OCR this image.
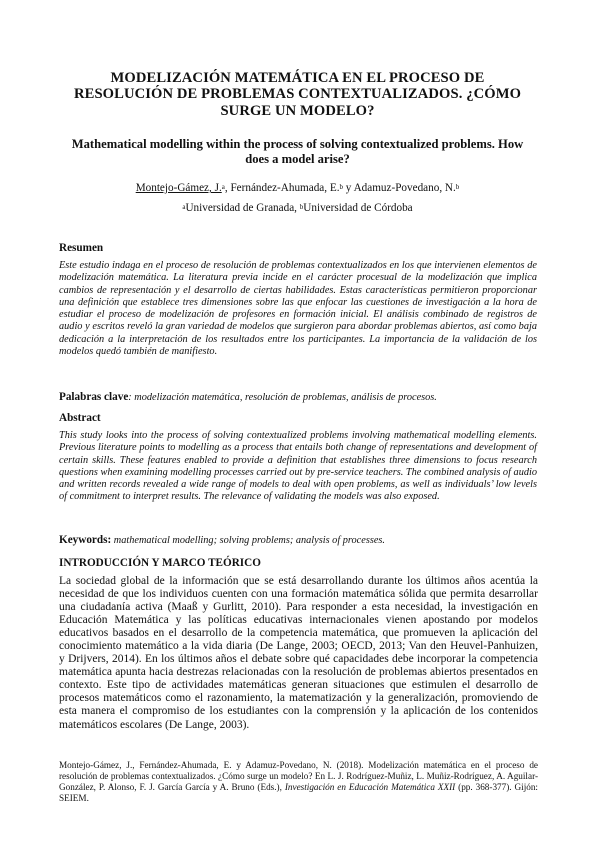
MODELIZACIÓN MATEMÁTICA EN EL PROCESO DE RESOLUCIÓN DE PROBLEMAS CONTEXTUALIZADOS. ¿CÓMO SURGE UN MODELO?
Mathematical modelling within the process of solving contextualized problems. How does a model arise?
Montejo-Gámez, J.$^a$, Fernández-Ahumada, E.$^b$ y Adamuz-Povedano, N.$^b$
$^a$Universidad de Granada, $^b$Universidad de Córdoba
Resumen
Este estudio indaga en el proceso de resolución de problemas contextualizados en los que intervienen elementos de modelización matemática. La literatura previa incide en el carácter procesual de la modelización que implica cambios de representación y el desarrollo de ciertas habilidades. Estas características permitieron proporcionar una definición que establece tres dimensiones sobre las que enfocar las cuestiones de investigación a la hora de estudiar el proceso de modelización de profesores en formación inicial. El análisis combinado de registros de audio y escritos reveló la gran variedad de modelos que surgieron para abordar problemas abiertos, así como baja dedicación a la interpretación de los resultados entre los participantes. La importancia de la validación de los modelos quedó también de manifiesto.
Palabras clave: modelización matemática, resolución de problemas, análisis de procesos.
Abstract
This study looks into the process of solving contextualized problems involving mathematical modelling elements. Previous literature points to modelling as a process that entails both change of representations and development of certain skills. These features enabled to provide a definition that establishes three dimensions to focus research questions when examining modelling processes carried out by pre-service teachers. The combined analysis of audio and written records revealed a wide range of models to deal with open problems, as well as individuals’ low levels of commitment to interpret results. The relevance of validating the models was also exposed.
Keywords: mathematical modelling; solving problems; analysis of processes.
INTRODUCCIÓN Y MARCO TEÓRICO
La sociedad global de la información que se está desarrollando durante los últimos años acentúa la necesidad de que los individuos cuenten con una formación matemática sólida que permita desarrollar una ciudadanía activa (Maaß y Gurlitt, 2010). Para responder a esta necesidad, la investigación en Educación Matemática y las políticas educativas internacionales vienen apostando por modelos educativos basados en el desarrollo de la competencia matemática, que promueven la aplicación del conocimiento matemático a la vida diaria (De Lange, 2003; OECD, 2013; Van den Heuvel-Panhuizen, y Drijvers, 2014). En los últimos años el debate sobre qué capacidades debe incorporar la competencia matemática apunta hacia destrezas relacionadas con la resolución de problemas abiertos presentados en contexto. Este tipo de actividades matemáticas generan situaciones que estimulen el desarrollo de procesos matemáticos como el razonamiento, la matematización y la generalización, promoviendo de esta manera el compromiso de los estudiantes con la comprensión y la aplicación de los contenidos matemáticos escolares (De Lange, 2003).
Montejo-Gámez, J., Fernández-Ahumada, E. y Adamuz-Povedano, N. (2018). Modelización matemática en el proceso de resolución de problemas contextualizados. ¿Cómo surge un modelo? En L. J. Rodríguez-Muñiz, L. Muñiz-Rodríguez, A. Aguilar-González, P. Alonso, F. J. García García y A. Bruno (Eds.), Investigación en Educación Matemática XXII (pp. 368-377). Gijón: SEIEM.
